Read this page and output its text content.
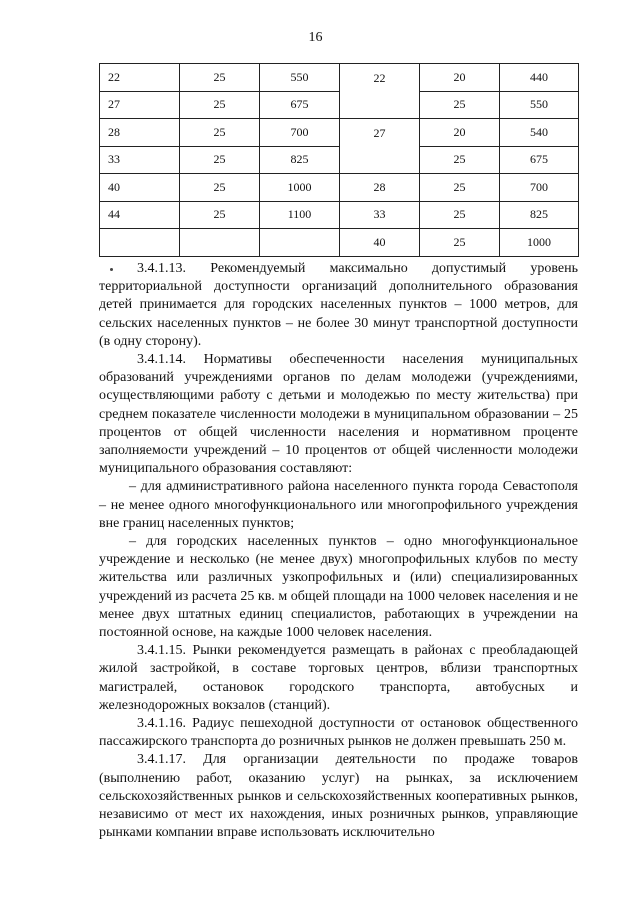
16
22	25	550	22	20	440
27	25	675		25	550
28	25	700	27	20	540
33	25	825		25	675
40	25	1000	28	25	700
44	25	1100	33	25	825
			40	25	1000

3.4.1.13. Рекомендуемый максимально допустимый уровень территориальной доступности организаций дополнительного образования детей принимается для городских населенных пунктов – 1000 метров, для сельских населенных пунктов – не более 30 минут транспортной доступности (в одну сторону).

3.4.1.14. Нормативы обеспеченности населения муниципальных образований учреждениями органов по делам молодежи (учреждениями, осуществляющими работу с детьми и молодежью по месту жительства) при среднем показателе численности молодежи в муниципальном образовании – 25 процентов от общей численности населения и нормативном проценте заполняемости учреждений – 10 процентов от общей численности молодежи муниципального образования составляют:

– для административного района населенного пункта города Севастополя – не менее одного многофункционального или многопрофильного учреждения вне границ населенных пунктов;

– для городских населенных пунктов – одно многофункциональное учреждение и несколько (не менее двух) многопрофильных клубов по месту жительства или различных узкопрофильных и (или) специализированных учреждений из расчета 25 кв. м общей площади на 1000 человек населения и не менее двух штатных единиц специалистов, работающих в учреждении на постоянной основе, на каждые 1000 человек населения.

3.4.1.15. Рынки рекомендуется размещать в районах с преобладающей жилой застройкой, в составе торговых центров, вблизи транспортных магистралей, остановок городского транспорта, автобусных и железнодорожных вокзалов (станций).

3.4.1.16. Радиус пешеходной доступности от остановок общественного пассажирского транспорта до розничных рынков не должен превышать 250 м.

3.4.1.17. Для организации деятельности по продаже товаров (выполнению работ, оказанию услуг) на рынках, за исключением сельскохозяйственных рынков и сельскохозяйственных кооперативных рынков, независимо от мест их нахождения, иных розничных рынков, управляющие рынками компании вправе использовать исключительно
